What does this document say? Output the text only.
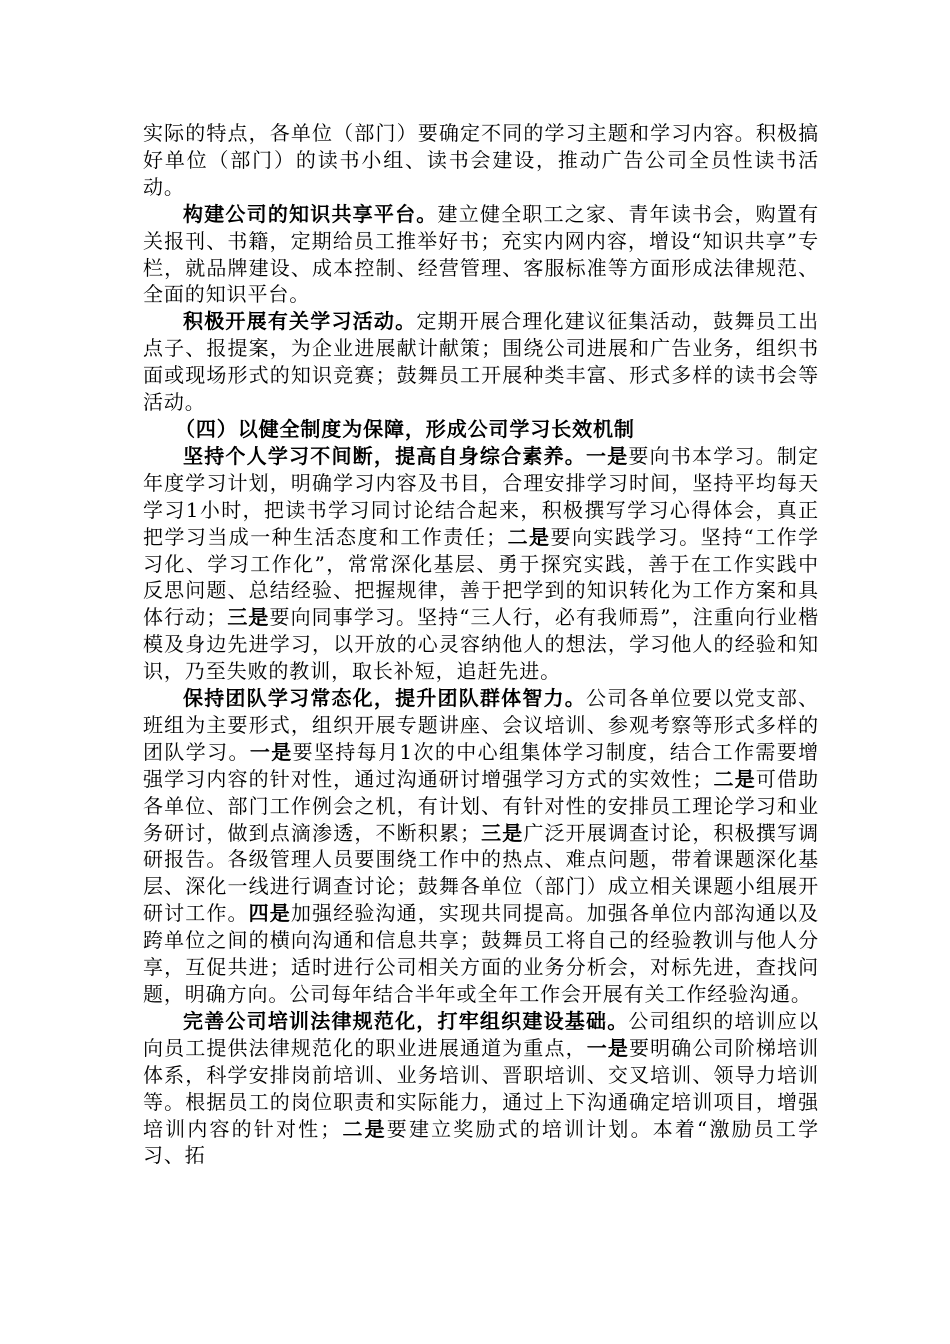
实际的特点，各单位（部门）要确定不同的学习主题和学习内容。积极搞好单位（部门）的读书小组、读书会建设，推动广告公司全员性读书活动。

构建公司的知识共享平台。建立健全职工之家、青年读书会，购置有关报刊、书籍，定期给员工推举好书；充实内网内容，增设“知识共享”专栏，就品牌建设、成本控制、经营管理、客服标准等方面形成法律规范、全面的知识平台。

积极开展有关学习活动。定期开展合理化建议征集活动，鼓舞员工出点子、报提案，为企业进展献计献策；围绕公司进展和广告业务，组织书面或现场形式的知识竞赛；鼓舞员工开展种类丰富、形式多样的读书会等活动。

（四）以健全制度为保障，形成公司学习长效机制

坚持个人学习不间断，提高自身综合素养。一是要向书本学习。制定年度学习计划，明确学习内容及书目，合理安排学习时间，坚持平均每天学习1小时，把读书学习同讨论结合起来，积极撰写学习心得体会，真正把学习当成一种生活态度和工作责任；二是要向实践学习。坚持“工作学习化、学习工作化”，常常深化基层、勇于探究实践，善于在工作实践中反思问题、总结经验、把握规律，善于把学到的知识转化为工作方案和具体行动；三是要向同事学习。坚持“三人行，必有我师焉”，注重向行业楷模及身边先进学习，以开放的心灵容纳他人的想法，学习他人的经验和知识，乃至失败的教训，取长补短，追赶先进。

保持团队学习常态化，提升团队群体智力。公司各单位要以党支部、班组为主要形式，组织开展专题讲座、会议培训、参观考察等形式多样的团队学习。一是要坚持每月1次的中心组集体学习制度，结合工作需要增强学习内容的针对性，通过沟通研讨增强学习方式的实效性；二是可借助各单位、部门工作例会之机，有计划、有针对性的安排员工理论学习和业务研讨，做到点滴渗透，不断积累；三是广泛开展调查讨论，积极撰写调研报告。各级管理人员要围绕工作中的热点、难点问题，带着课题深化基层、深化一线进行调查讨论；鼓舞各单位（部门）成立相关课题小组展开研讨工作。四是加强经验沟通，实现共同提高。加强各单位内部沟通以及跨单位之间的横向沟通和信息共享；鼓舞员工将自己的经验教训与他人分享，互促共进；适时进行公司相关方面的业务分析会，对标先进，查找问题，明确方向。公司每年结合半年或全年工作会开展有关工作经验沟通。

完善公司培训法律规范化，打牢组织建设基础。公司组织的培训应以向员工提供法律规范化的职业进展通道为重点，一是要明确公司阶梯培训体系，科学安排岗前培训、业务培训、晋职培训、交叉培训、领导力培训等。根据员工的岗位职责和实际能力，通过上下沟通确定培训项目，增强培训内容的针对性；二是要建立奖励式的培训计划。本着“激励员工学习、拓
